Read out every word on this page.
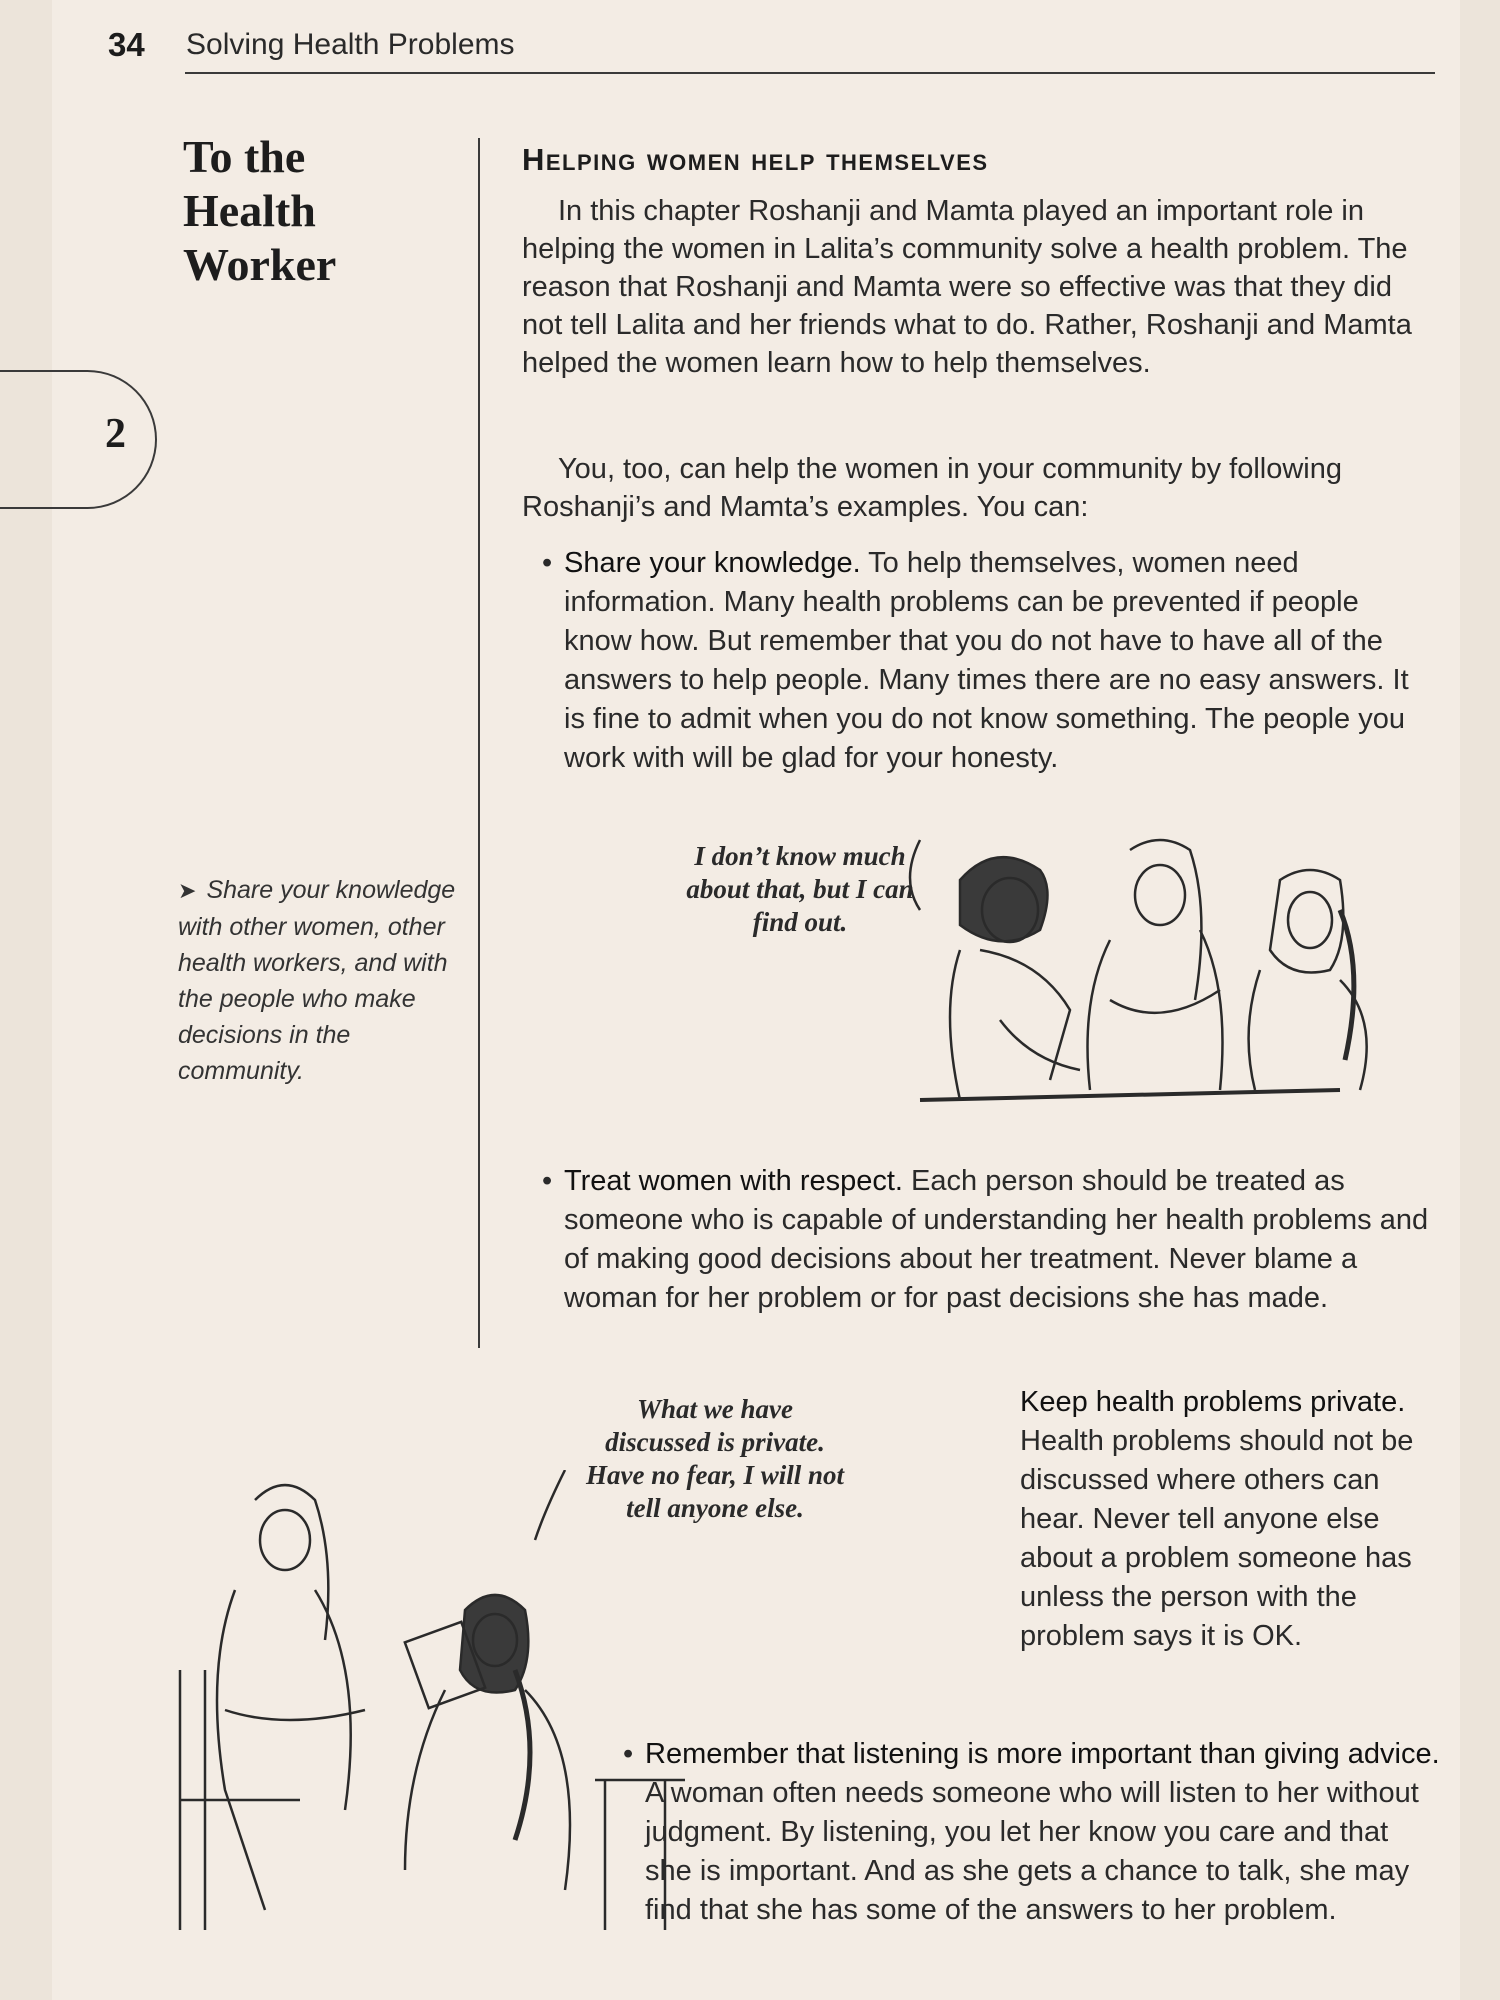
34 Solving Health Problems
To the Health Worker
2
Helping women help themselves
In this chapter Roshanji and Mamta played an important role in helping the women in Lalita’s community solve a health problem. The reason that Roshanji and Mamta were so effective was that they did not tell Lalita and her friends what to do. Rather, Roshanji and Mamta helped the women learn how to help themselves.
You, too, can help the women in your community by following Roshanji’s and Mamta’s examples. You can:
• Share your knowledge. To help themselves, women need information. Many health problems can be prevented if people know how. But remember that you do not have to have all of the answers to help people. Many times there are no easy answers. It is fine to admit when you do not know something. The people you work with will be glad for your honesty.
➤ Share your knowledge with other women, other health workers, and with the people who make decisions in the community.
I don’t know much about that, but I can find out.
• Treat women with respect. Each person should be treated as someone who is capable of understanding her health problems and of making good decisions about her treatment. Never blame a woman for her problem or for past decisions she has made.
What we have discussed is private. Have no fear, I will not tell anyone else.
Keep health problems private. Health problems should not be discussed where others can hear. Never tell anyone else about a problem someone has unless the person with the problem says it is OK.
• Remember that listening is more important than giving advice. A woman often needs someone who will listen to her without judgment. By listening, you let her know you care and that she is important. And as she gets a chance to talk, she may find that she has some of the answers to her problem.
